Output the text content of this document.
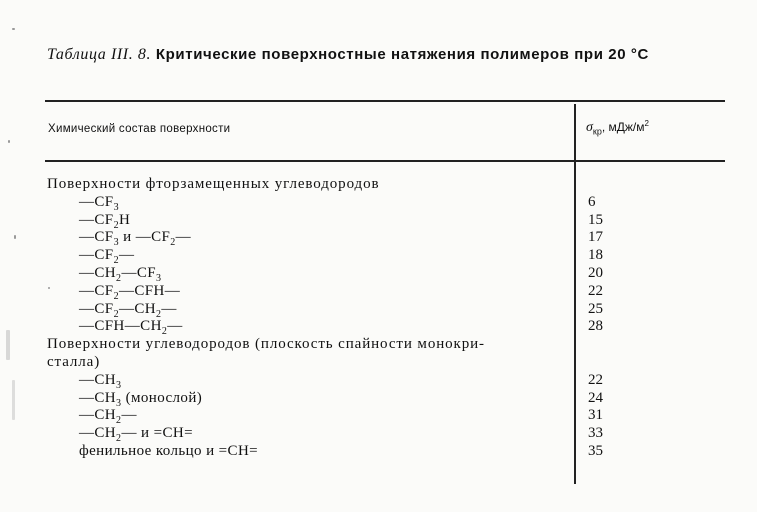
Таблица III. 8. Критические поверхностные натяжения полимеров при 20 °C
Химический состав поверхности	$\sigma_{кр}$, мДж/$м^2$
Поверхности фторзамещенных углеводородов
$—CF_3$
$—CF_2H$
$—CF_3$ и $—CF_2—$
$—CF_2—$
$—CH_2—CF_3$
$—CF_2—CFH—$
$—CF_2—CH_2—$
$—CFH—CH_2—$
Поверхности углеводородов (плоскость спайности монокри-
сталла)
$—CH_3$
$—CH_3$ (монослой)
$—CH_2—$
$—CH_2—$ и =CH=
фенильное кольцо и =CH=
6
15
17
18
20
22
25
28
22
24
31
33
35
